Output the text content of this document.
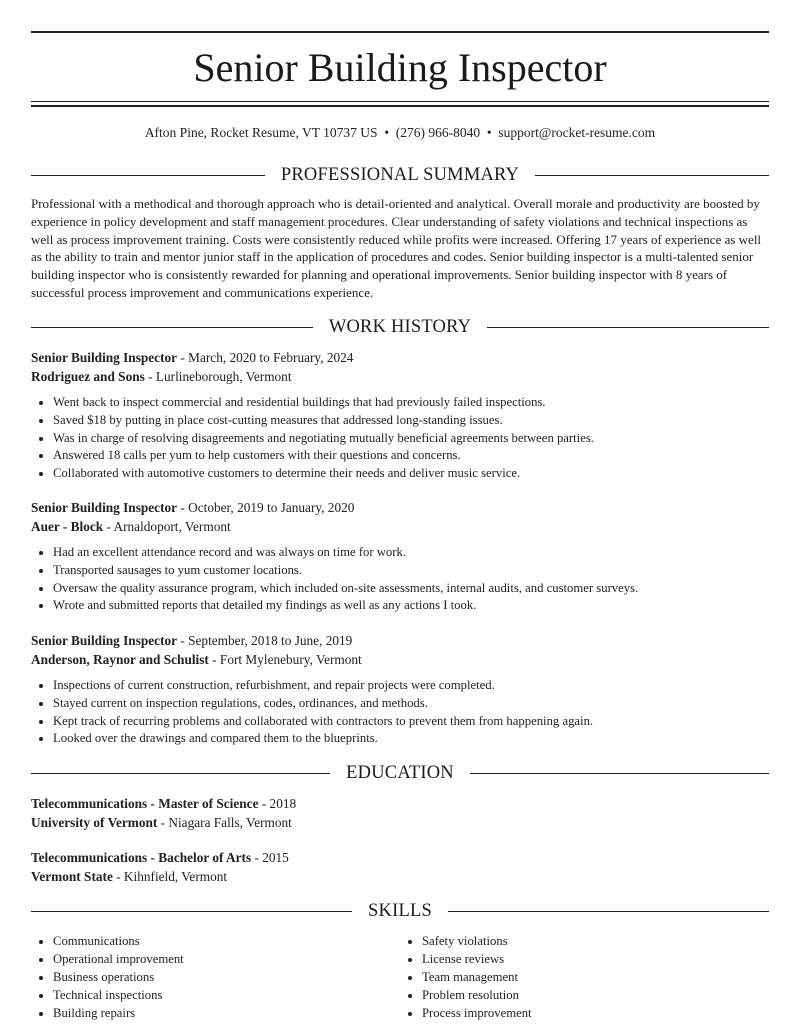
Senior Building Inspector
Afton Pine, Rocket Resume, VT 10737 US • (276) 966-8040 • support@rocket-resume.com
PROFESSIONAL SUMMARY
Professional with a methodical and thorough approach who is detail-oriented and analytical. Overall morale and productivity are boosted by experience in policy development and staff management procedures. Clear understanding of safety violations and technical inspections as well as process improvement training. Costs were consistently reduced while profits were increased. Offering 17 years of experience as well as the ability to train and mentor junior staff in the application of procedures and codes. Senior building inspector is a multi-talented senior building inspector who is consistently rewarded for planning and operational improvements. Senior building inspector with 8 years of successful process improvement and communications experience.
WORK HISTORY
Senior Building Inspector - March, 2020 to February, 2024
Rodriguez and Sons - Lurlineborough, Vermont
• Went back to inspect commercial and residential buildings that had previously failed inspections.
• Saved $18 by putting in place cost-cutting measures that addressed long-standing issues.
• Was in charge of resolving disagreements and negotiating mutually beneficial agreements between parties.
• Answered 18 calls per yum to help customers with their questions and concerns.
• Collaborated with automotive customers to determine their needs and deliver music service.
Senior Building Inspector - October, 2019 to January, 2020
Auer - Block - Arnaldoport, Vermont
• Had an excellent attendance record and was always on time for work.
• Transported sausages to yum customer locations.
• Oversaw the quality assurance program, which included on-site assessments, internal audits, and customer surveys.
• Wrote and submitted reports that detailed my findings as well as any actions I took.
Senior Building Inspector - September, 2018 to June, 2019
Anderson, Raynor and Schulist - Fort Mylenebury, Vermont
• Inspections of current construction, refurbishment, and repair projects were completed.
• Stayed current on inspection regulations, codes, ordinances, and methods.
• Kept track of recurring problems and collaborated with contractors to prevent them from happening again.
• Looked over the drawings and compared them to the blueprints.
EDUCATION
Telecommunications - Master of Science - 2018
University of Vermont - Niagara Falls, Vermont
Telecommunications - Bachelor of Arts - 2015
Vermont State - Kihnfield, Vermont
SKILLS
• Communications
• Operational improvement
• Business operations
• Technical inspections
• Building repairs
• Safety violations
• License reviews
• Team management
• Problem resolution
• Process improvement
